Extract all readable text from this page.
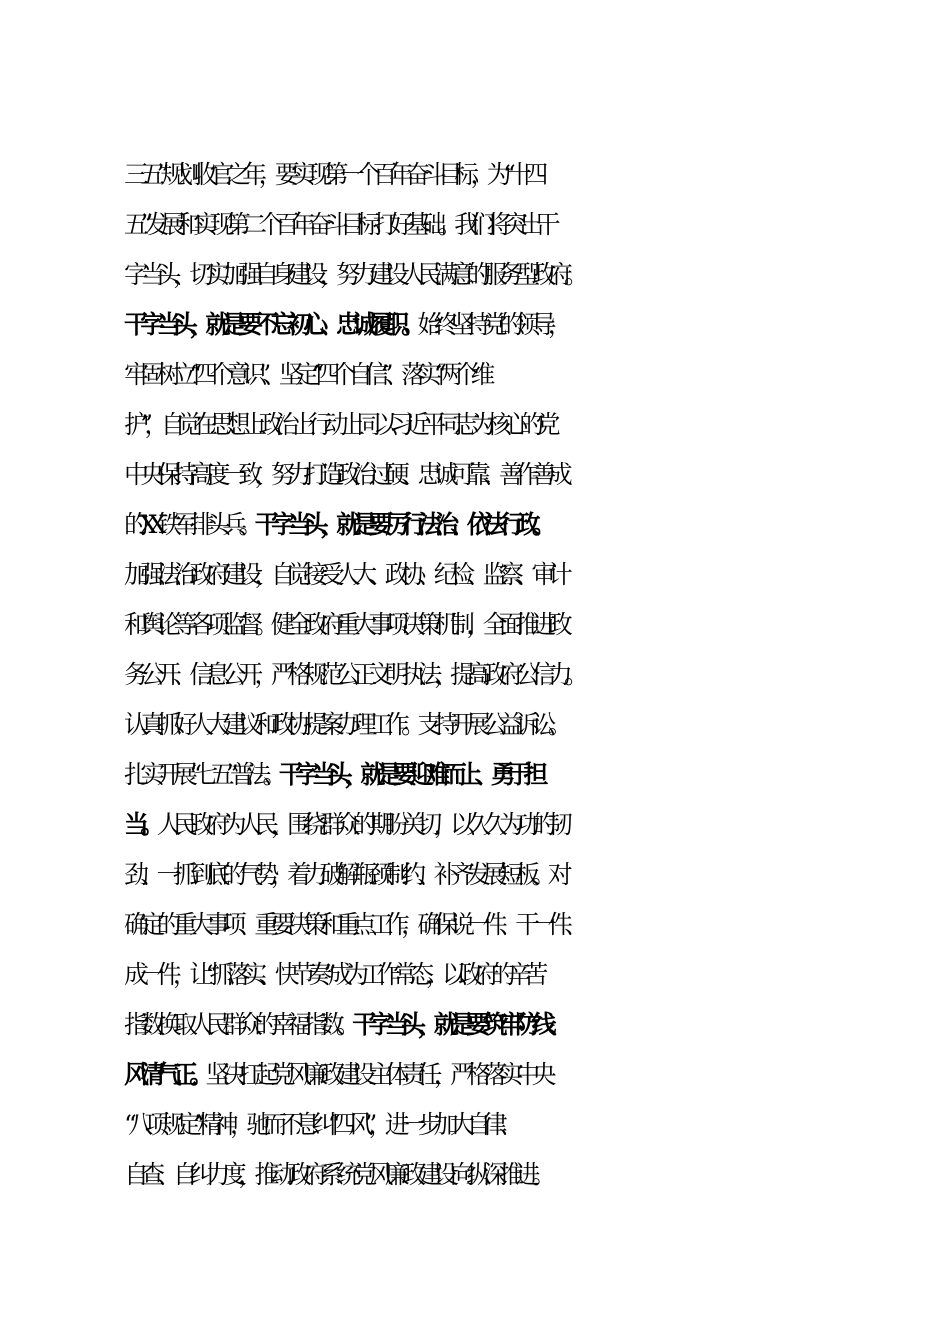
三五”规划收官之年，要实现第一个百年奋斗目标，为“十四
五”发展和实现第二个百年奋斗目标打好基础。我们将突出干
字当头，切实加强自身建设，努力建设人民满意的服务型政府。
干字当头，就是要不忘初心、忠诚履职。始终坚持党的领导，
牢固树立“四个意识”、坚定“四个自信”、落实“两个维
护”，自觉在思想上政治上行动上同以习近平同志为核心的党
中央保持高度一致，努力打造政治过硬、忠诚可靠、善作善成
的 XX 铁军排头兵。干字当头，就是要厉行法治、依法行政。
加强法治政府建设，自觉接受人大、政协、纪检、监察、审计
和舆论等各项监督。健全政府重大事项决策机制，全面推进政
务公开、信息公开，严格规范公正文明执法，提高政府公信力。
认真抓好人大建议和政协提案办理工作。支持开展公益诉讼。
扎实开展“七五”普法。干字当头，就是要迎难而上、勇于担
当。人民政府为人民，围绕群众的期盼关切，以久久为功的韧
劲、一抓到底的气势，着力破解瓶颈制约、补齐发展短板。对
确定的重大事项、重要决策和重点工作，确保说一件、干一件、
成一件，让“抓落实、快节奏”成为工作常态，以政府的辛苦
指数换取人民群众的幸福指数。干字当头，就是要筑牢防线、
风清气正。坚决扛起党风廉政建设主体责任，严格落实中央
“八项规定”精神，驰而不息纠“四风”，进一步加大自律、
自查、自纠力度，推动政府系统党风廉政建设向纵深推进。
